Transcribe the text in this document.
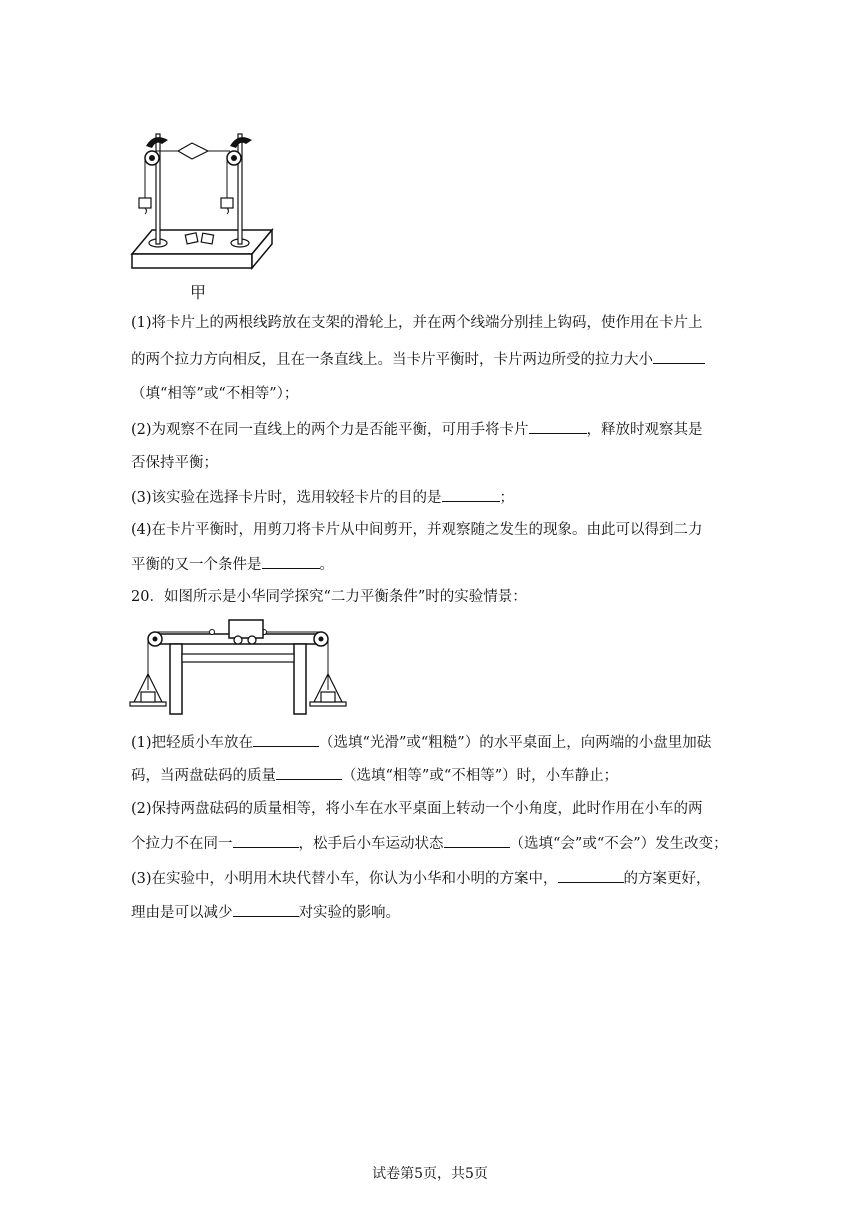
甲
(1)将卡片上的两根线跨放在支架的滑轮上，并在两个线端分别挂上钩码，使作用在卡片上
的两个拉力方向相反，且在一条直线上。当卡片平衡时，卡片两边所受的拉力大小
（填“相等”或“不相等”）；
(2)为观察不在同一直线上的两个力是否能平衡，可用手将卡片	，释放时观察其是
否保持平衡；
(3)该实验在选择卡片时，选用较轻卡片的目的是	；
(4)在卡片平衡时，用剪刀将卡片从中间剪开，并观察随之发生的现象。由此可以得到二力
平衡的又一个条件是	。
20．如图所示是小华同学探究“二力平衡条件”时的实验情景：
(1)把轻质小车放在	（选填“光滑”或“粗糙”）的水平桌面上，向两端的小盘里加砝
码，当两盘砝码的质量	（选填“相等”或“不相等”）时，小车静止；
(2)保持两盘砝码的质量相等，将小车在水平桌面上转动一个小角度，此时作用在小车的两
个拉力不在同一	，松手后小车运动状态	（选填“会”或“不会”）发生改变；
(3)在实验中，小明用木块代替小车，你认为小华和小明的方案中，	的方案更好，
理由是可以减少	对实验的影响。
试卷第5页，共5页
